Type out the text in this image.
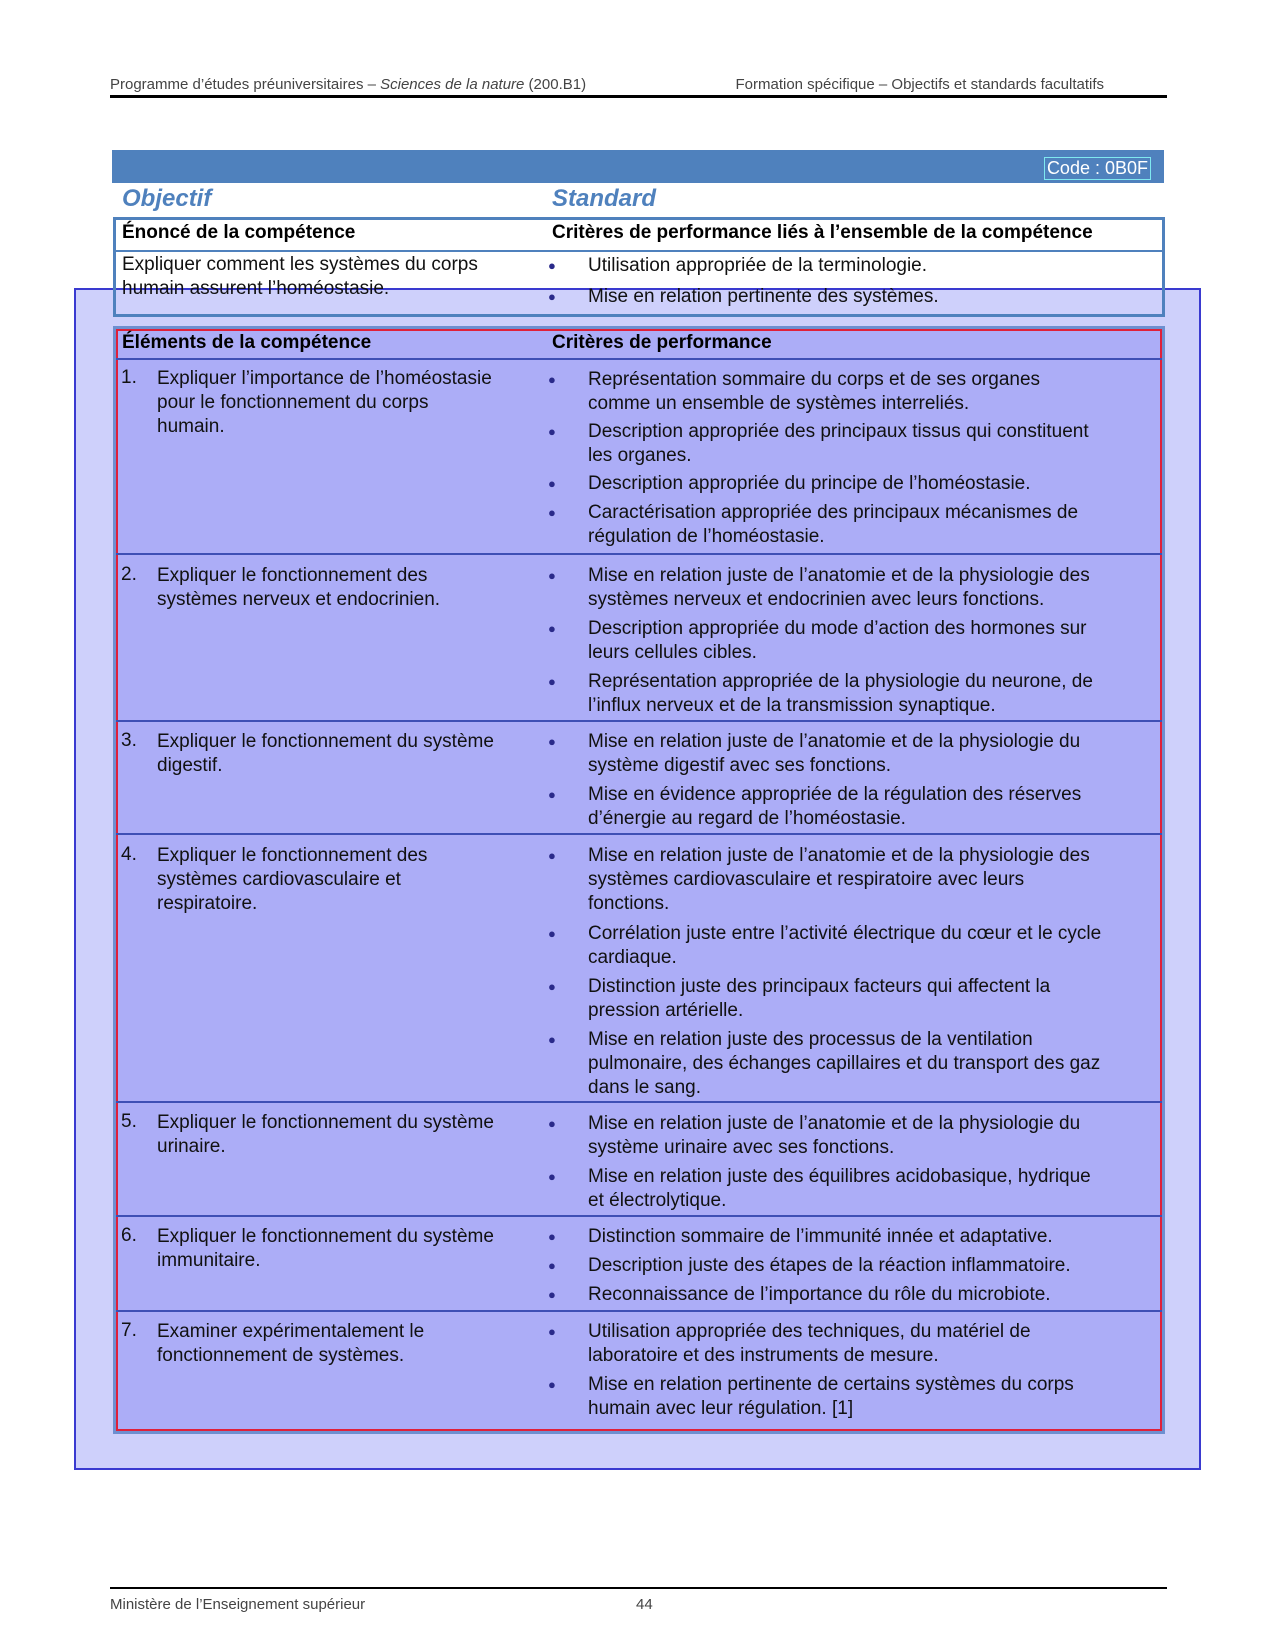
Programme d’études préuniversitaires – Sciences de la nature (200.B1)	Formation spécifique – Objectifs et standards facultatifs
Code : 0B0F
Objectif	Standard
Énoncé de la compétence	Critères de performance liés à l’ensemble de la compétence
Expliquer comment les systèmes du corps
humain assurent l’homéostasie.
● Utilisation appropriée de la terminologie.
● Mise en relation pertinente des systèmes.
Éléments de la compétence	Critères de performance
1. Expliquer l’importance de l’homéostasie
pour le fonctionnement du corps
humain.
● Représentation sommaire du corps et de ses organes
comme un ensemble de systèmes interreliés.
● Description appropriée des principaux tissus qui constituent
les organes.
● Description appropriée du principe de l’homéostasie.
● Caractérisation appropriée des principaux mécanismes de
régulation de l’homéostasie.
2. Expliquer le fonctionnement des
systèmes nerveux et endocrinien.
● Mise en relation juste de l’anatomie et de la physiologie des
systèmes nerveux et endocrinien avec leurs fonctions.
● Description appropriée du mode d’action des hormones sur
leurs cellules cibles.
● Représentation appropriée de la physiologie du neurone, de
l’influx nerveux et de la transmission synaptique.
3. Expliquer le fonctionnement du système
digestif.
● Mise en relation juste de l’anatomie et de la physiologie du
système digestif avec ses fonctions.
● Mise en évidence appropriée de la régulation des réserves
d’énergie au regard de l’homéostasie.
4. Expliquer le fonctionnement des
systèmes cardiovasculaire et
respiratoire.
● Mise en relation juste de l’anatomie et de la physiologie des
systèmes cardiovasculaire et respiratoire avec leurs
fonctions.
● Corrélation juste entre l’activité électrique du cœur et le cycle
cardiaque.
● Distinction juste des principaux facteurs qui affectent la
pression artérielle.
● Mise en relation juste des processus de la ventilation
pulmonaire, des échanges capillaires et du transport des gaz
dans le sang.
5. Expliquer le fonctionnement du système
urinaire.
● Mise en relation juste de l’anatomie et de la physiologie du
système urinaire avec ses fonctions.
● Mise en relation juste des équilibres acidobasique, hydrique
et électrolytique.
6. Expliquer le fonctionnement du système
immunitaire.
● Distinction sommaire de l’immunité innée et adaptative.
● Description juste des étapes de la réaction inflammatoire.
● Reconnaissance de l’importance du rôle du microbiote.
7. Examiner expérimentalement le
fonctionnement de systèmes.
● Utilisation appropriée des techniques, du matériel de
laboratoire et des instruments de mesure.
● Mise en relation pertinente de certains systèmes du corps
humain avec leur régulation. [1]
Ministère de l’Enseignement supérieur	44
